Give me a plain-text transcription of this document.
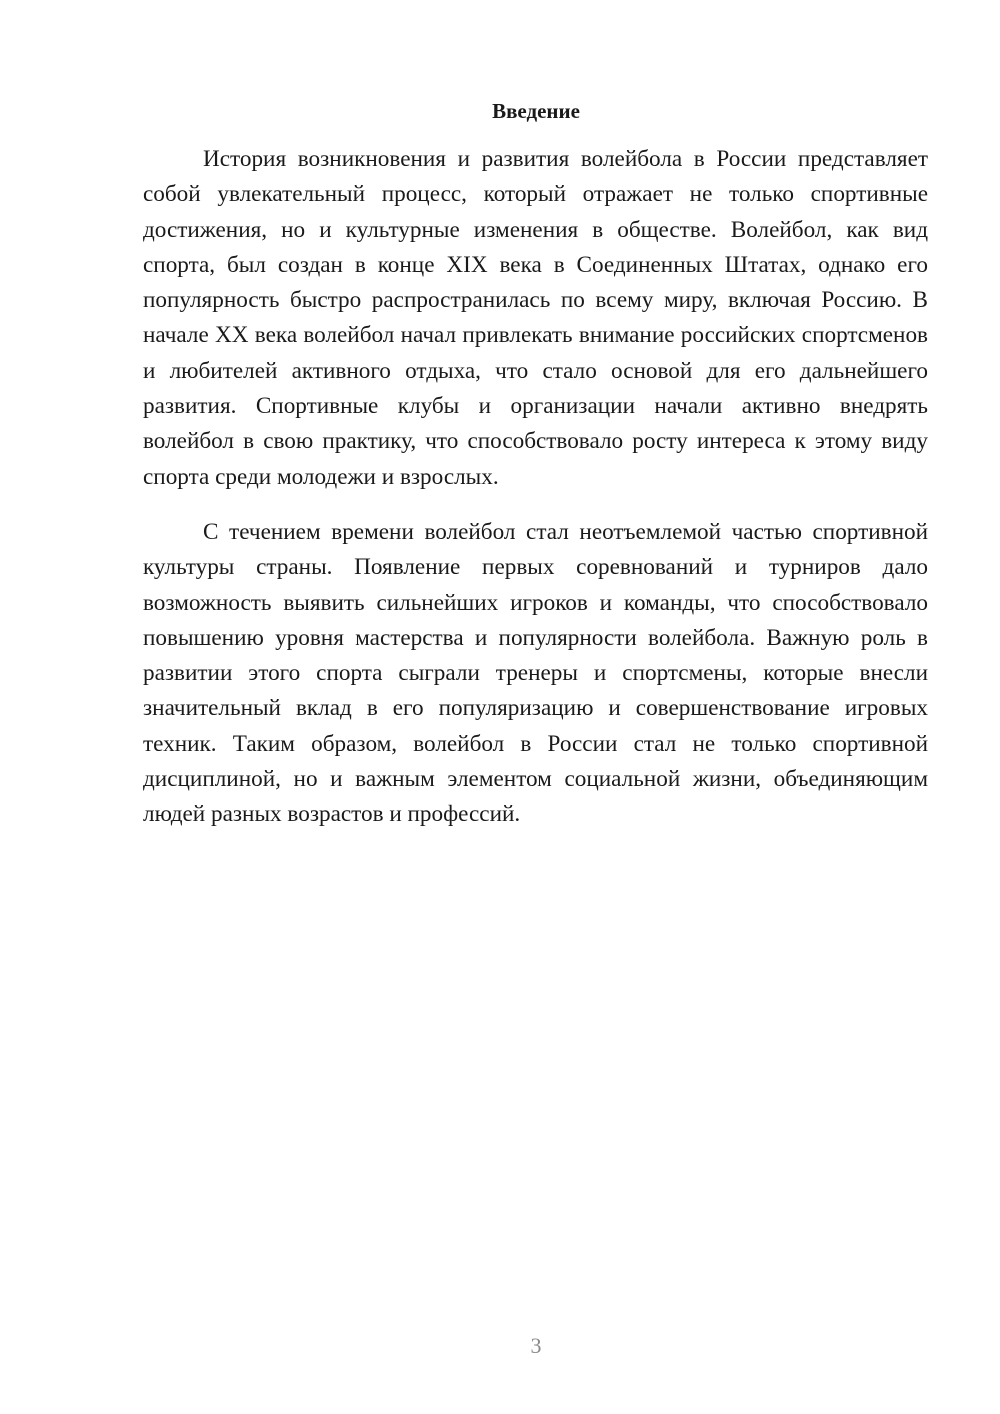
Введение

История возникновения и развития волейбола в России представляет собой увлекательный процесс, который отражает не только спортивные достижения, но и культурные изменения в обществе. Волейбол, как вид спорта, был создан в конце XIX века в Соединенных Штатах, однако его популярность быстро распространилась по всему миру, включая Россию. В начале XX века волейбол начал привлекать внимание российских спортсменов и любителей активного отдыха, что стало основой для его дальнейшего развития. Спортивные клубы и организации начали активно внедрять волейбол в свою практику, что способствовало росту интереса к этому виду спорта среди молодежи и взрослых.

С течением времени волейбол стал неотъемлемой частью спортивной культуры страны. Появление первых соревнований и турниров дало возможность выявить сильнейших игроков и команды, что способствовало повышению уровня мастерства и популярности волейбола. Важную роль в развитии этого спорта сыграли тренеры и спортсмены, которые внесли значительный вклад в его популяризацию и совершенствование игровых техник. Таким образом, волейбол в России стал не только спортивной дисциплиной, но и важным элементом социальной жизни, объединяющим людей разных возрастов и профессий.

3
